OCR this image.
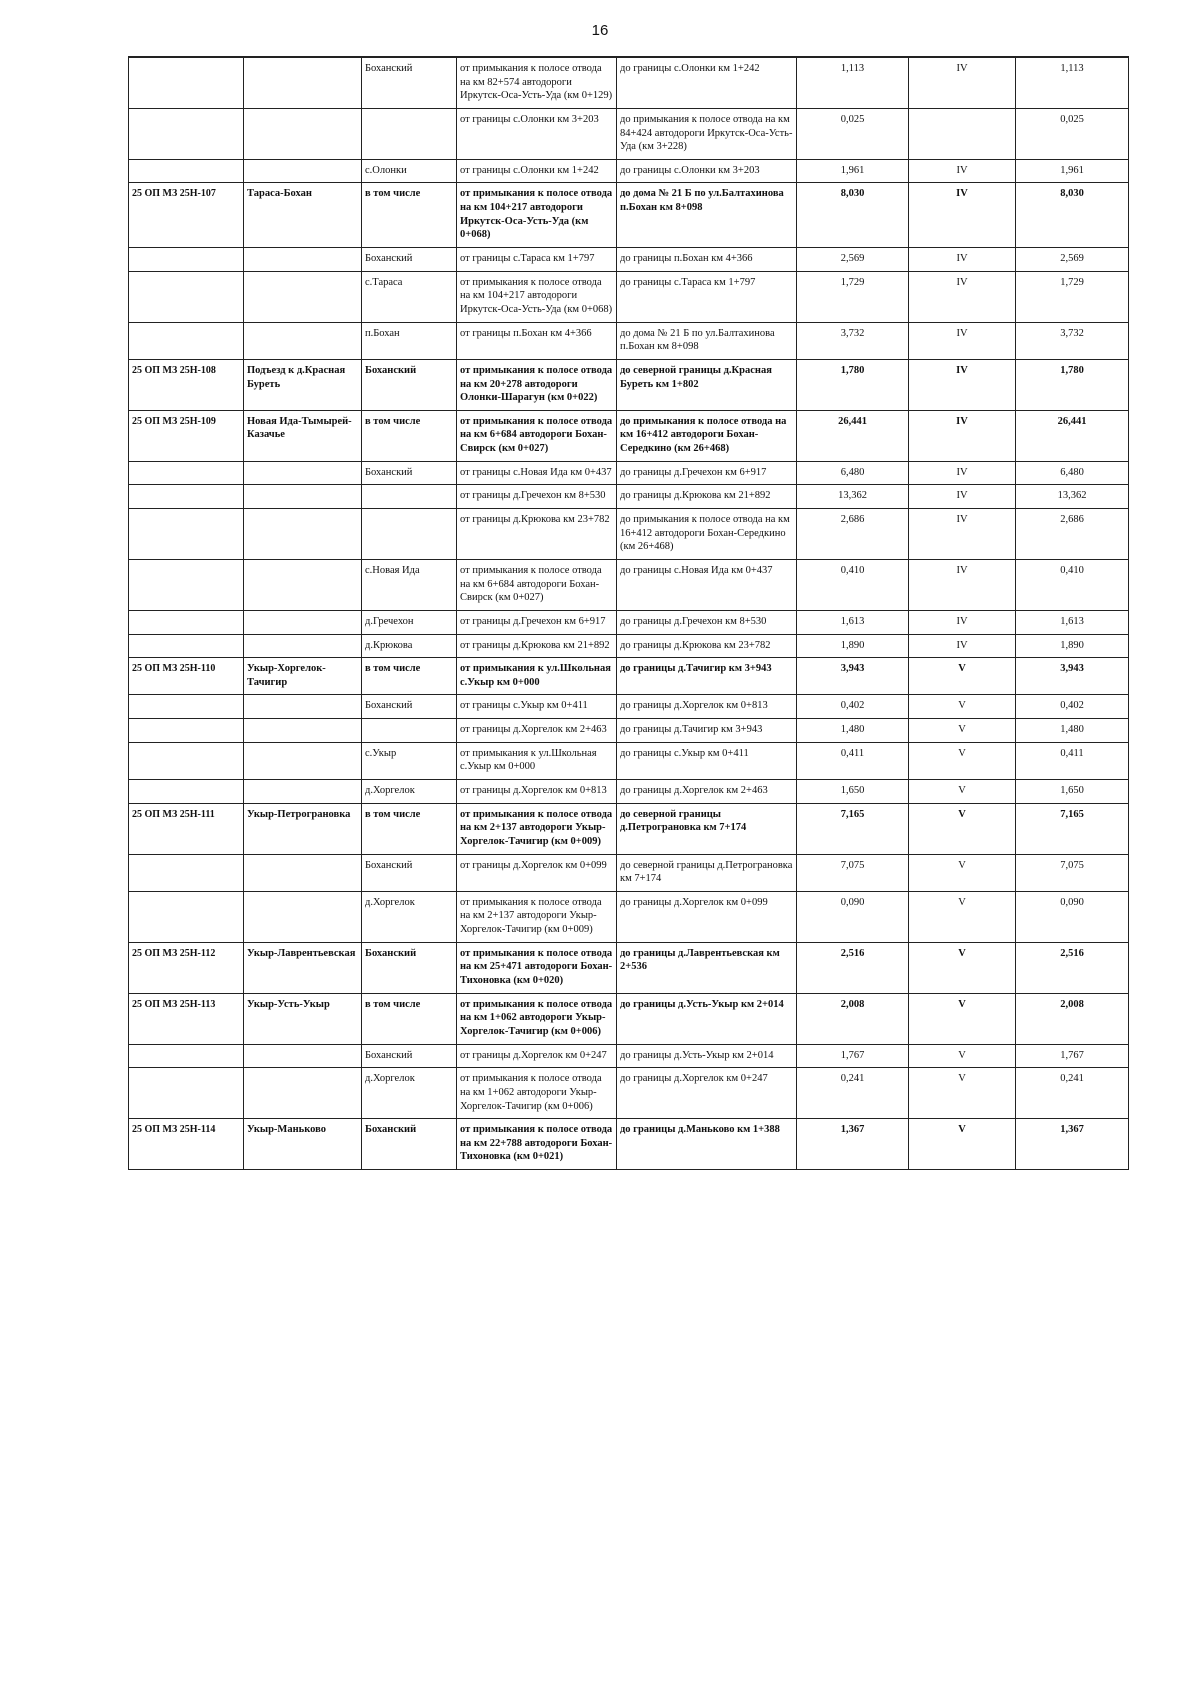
16
		Боханский	от примыкания к полосе отвода на км 82+574 автодороги Иркутск-Оса-Усть-Уда (км 0+129)	до границы с.Олонки км 1+242	1,113	IV	1,113
			от границы с.Олонки км 3+203	до примыкания к полосе отвода на км 84+424 автодороги Иркутск-Оса-Усть-Уда (км 3+228)	0,025		0,025
		с.Олонки	от границы с.Олонки км 1+242	до границы с.Олонки км 3+203	1,961	IV	1,961
25 ОП МЗ 25Н-107	Тараса-Бохан	в том числе	от примыкания к полосе отвода на км 104+217 автодороги Иркутск-Оса-Усть-Уда (км 0+068)	до дома № 21 Б по ул.Балтахинова п.Бохан км 8+098	8,030	IV	8,030
		Боханский	от границы с.Тараса км 1+797	до границы п.Бохан км 4+366	2,569	IV	2,569
		с.Тараса	от примыкания к полосе отвода на км 104+217 автодороги Иркутск-Оса-Усть-Уда (км 0+068)	до границы с.Тараса км 1+797	1,729	IV	1,729
		п.Бохан	от границы п.Бохан км 4+366	до дома № 21 Б по ул.Балтахинова п.Бохан км 8+098	3,732	IV	3,732
25 ОП МЗ 25Н-108	Подъезд к д.Красная Буреть	Боханский	от примыкания к полосе отвода на км 20+278 автодороги Олонки-Шарагун (км 0+022)	до северной границы д.Красная Буреть км 1+802	1,780	IV	1,780
25 ОП МЗ 25Н-109	Новая Ида-Тымырей-Казачье	в том числе	от примыкания к полосе отвода на км 6+684 автодороги Бохан-Свирск (км 0+027)	до примыкания к полосе отвода на км 16+412 автодороги Бохан-Середкино (км 26+468)	26,441	IV	26,441
		Боханский	от границы с.Новая Ида км 0+437	до границы д.Гречехон км 6+917	6,480	IV	6,480
			от границы д.Гречехон км 8+530	до границы д.Крюкова км 21+892	13,362	IV	13,362
			от границы д.Крюкова км 23+782	до примыкания к полосе отвода на км 16+412 автодороги Бохан-Середкино (км 26+468)	2,686	IV	2,686
		с.Новая Ида	от примыкания к полосе отвода на км 6+684 автодороги Бохан-Свирск (км 0+027)	до границы с.Новая Ида км 0+437	0,410	IV	0,410
		д.Гречехон	от границы д.Гречехон км 6+917	до границы д.Гречехон км 8+530	1,613	IV	1,613
		д.Крюкова	от границы д.Крюкова км 21+892	до границы д.Крюкова км 23+782	1,890	IV	1,890
25 ОП МЗ 25Н-110	Укыр-Хоргелок-Тачигир	в том числе	от примыкания к ул.Школьная с.Укыр км 0+000	до границы д.Тачигир км 3+943	3,943	V	3,943
		Боханский	от границы с.Укыр км 0+411	до границы д.Хоргелок км 0+813	0,402	V	0,402
			от границы д.Хоргелок км 2+463	до границы д.Тачигир км 3+943	1,480	V	1,480
		с.Укыр	от примыкания к ул.Школьная с.Укыр км 0+000	до границы с.Укыр км 0+411	0,411	V	0,411
		д.Хоргелок	от границы д.Хоргелок км 0+813	до границы д.Хоргелок км 2+463	1,650	V	1,650
25 ОП МЗ 25Н-111	Укыр-Петрограновка	в том числе	от примыкания к полосе отвода на км 2+137 автодороги Укыр-Хоргелок-Тачигир (км 0+009)	до северной границы д.Петрограновка км 7+174	7,165	V	7,165
		Боханский	от границы д.Хоргелок км 0+099	до северной границы д.Петрограновка км 7+174	7,075	V	7,075
		д.Хоргелок	от примыкания к полосе отвода на км 2+137 автодороги Укыр-Хоргелок-Тачигир (км 0+009)	до границы д.Хоргелок км 0+099	0,090	V	0,090
25 ОП МЗ 25Н-112	Укыр-Лаврентьевская	Боханский	от примыкания к полосе отвода на км 25+471 автодороги Бохан-Тихоновка (км 0+020)	до границы д.Лаврентьевская км 2+536	2,516	V	2,516
25 ОП МЗ 25Н-113	Укыр-Усть-Укыр	в том числе	от примыкания к полосе отвода на км 1+062 автодороги Укыр-Хоргелок-Тачигир (км 0+006)	до границы д.Усть-Укыр км 2+014	2,008	V	2,008
		Боханский	от границы д.Хоргелок км 0+247	до границы д.Усть-Укыр км 2+014	1,767	V	1,767
		д.Хоргелок	от примыкания к полосе отвода на км 1+062 автодороги Укыр-Хоргелок-Тачигир (км 0+006)	до границы д.Хоргелок км 0+247	0,241	V	0,241
25 ОП МЗ 25Н-114	Укыр-Маньково	Боханский	от примыкания к полосе отвода на км 22+788 автодороги Бохан-Тихоновка (км 0+021)	до границы д.Маньково км 1+388	1,367	V	1,367
